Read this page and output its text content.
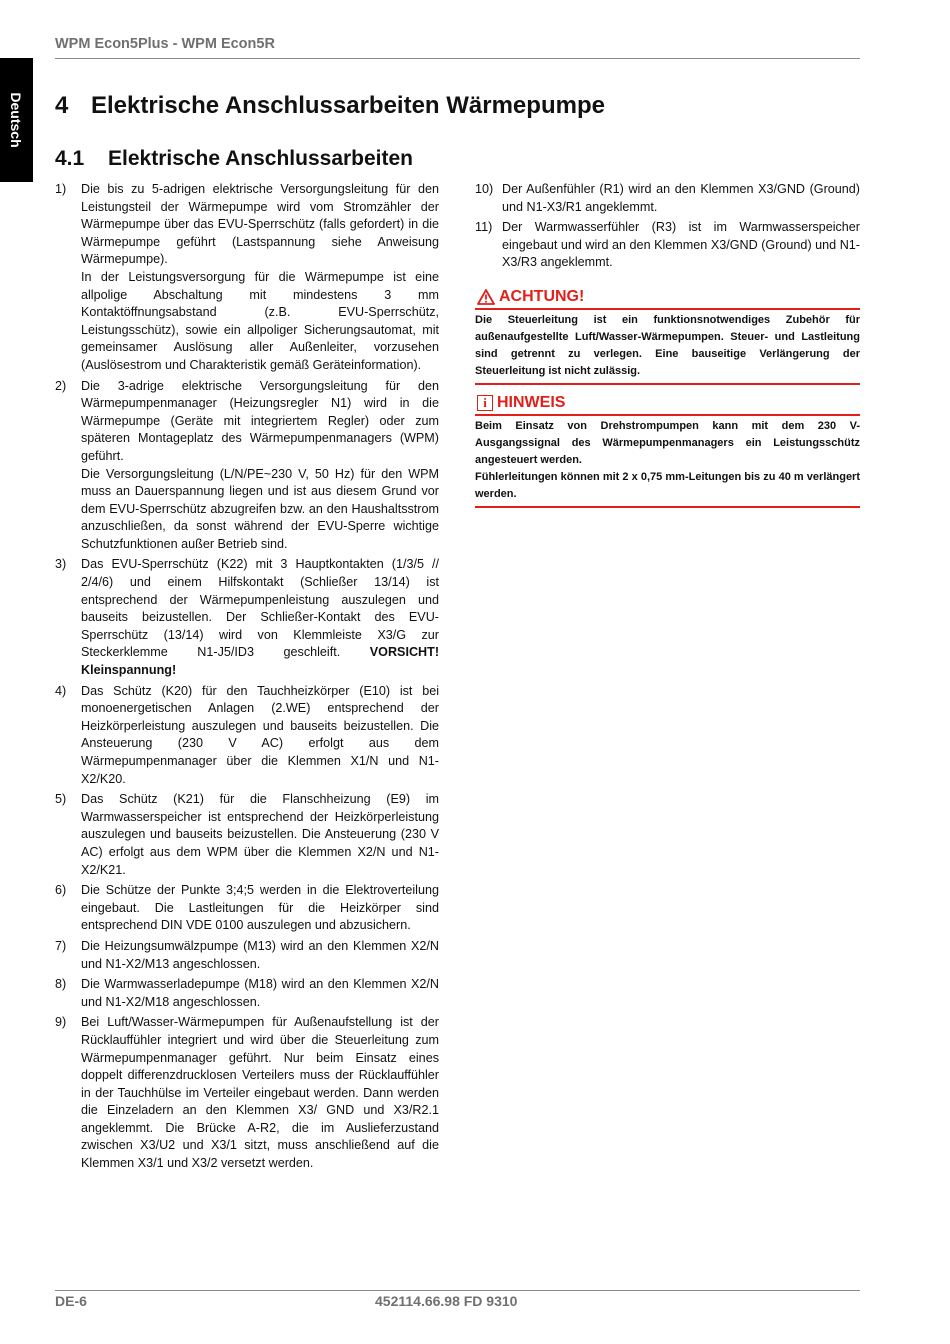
WPM Econ5Plus - WPM Econ5R
Deutsch 4 Elektrische Anschlussarbeiten Wärmepumpe
4.1 Elektrische Anschlussarbeiten
1)	Die bis zu 5-adrigen elektrische Versorgungsleitung für den Leistungsteil der Wärmepumpe wird vom Stromzähler der Wärmepumpe über das EVU-Sperrschütz (falls gefordert) in die Wärmepumpe geführt (Lastspannung siehe Anweisung Wärmepumpe).

In der Leistungsversorgung für die Wärmepumpe ist eine allpolige Abschaltung mit mindestens 3 mm Kontaktöffnungsabstand (z.B. EVU-Sperrschütz, Leistungsschütz), sowie ein allpoliger Sicherungsautomat, mit gemeinsamer Auslösung aller Außenleiter, vorzusehen (Auslösestrom und Charakteristik gemäß Geräteinformation).

2)	Die 3-adrige elektrische Versorgungsleitung für den Wärmepumpenmanager (Heizungsregler N1) wird in die Wärmepumpe (Geräte mit integriertem Regler) oder zum späteren Montageplatz des Wärmepumpenmanagers (WPM) geführt.

Die Versorgungsleitung (L/N/PE~230 V, 50 Hz) für den WPM muss an Dauerspannung liegen und ist aus diesem Grund vor dem EVU-Sperrschütz abzugreifen bzw. an den Haushaltsstrom anzuschließen, da sonst während der EVU-Sperre wichtige Schutzfunktionen außer Betrieb sind.

3)	Das EVU-Sperrschütz (K22) mit 3 Hauptkontakten (1/3/5 // 2/4/6) und einem Hilfskontakt (Schließer 13/14) ist entsprechend der Wärmepumpenleistung auszulegen und bauseits beizustellen. Der Schließer-Kontakt des EVU-Sperrschütz (13/14) wird von Klemmleiste X3/G zur Steckerklemme N1-J5/ID3 geschleift. VORSICHT! Kleinspannung!

4)	Das Schütz (K20) für den Tauchheizkörper (E10) ist bei monoenergetischen Anlagen (2.WE) entsprechend der Heizkörperleistung auszulegen und bauseits beizustellen. Die Ansteuerung (230 V AC) erfolgt aus dem Wärmepumpenmanager über die Klemmen X1/N und N1-X2/K20.

5)	Das Schütz (K21) für die Flanschheizung (E9) im Warmwasserspeicher ist entsprechend der Heizkörperleistung auszulegen und bauseits beizustellen. Die Ansteuerung (230 V AC) erfolgt aus dem WPM über die Klemmen X2/N und N1-X2/K21.

6)	Die Schütze der Punkte 3;4;5 werden in die Elektroverteilung eingebaut. Die Lastleitungen für die Heizkörper sind entsprechend DIN VDE 0100 auszulegen und abzusichern.

7)	Die Heizungsumwälzpumpe (M13) wird an den Klemmen X2/N und N1-X2/M13 angeschlossen.

8)	Die Warmwasserladepumpe (M18) wird an den Klemmen X2/N und N1-X2/M18 angeschlossen.

9)	Bei Luft/Wasser-Wärmepumpen für Außenaufstellung ist der Rücklauffühler integriert und wird über die Steuerleitung zum Wärmepumpenmanager geführt. Nur beim Einsatz eines doppelt differenzdrucklosen Verteilers muss der Rücklauffühler in der Tauchhülse im Verteiler eingebaut werden. Dann werden die Einzeladern an den Klemmen X3/ GND und X3/R2.1 angeklemmt. Die Brücke A-R2, die im Auslieferzustand zwischen X3/U2 und X3/1 sitzt, muss anschließend auf die Klemmen X3/1 und X3/2 versetzt werden.

10) Der Außenfühler (R1) wird an den Klemmen X3/GND (Ground) und N1-X3/R1 angeklemmt.
11) Der Warmwasserfühler (R3) ist im Warmwasserspeicher eingebaut und wird an den Klemmen X3/GND (Ground) und N1-X3/R3 angeklemmt.
ACHTUNG!
Die Steuerleitung ist ein funktionsnotwendiges Zubehör für außenaufgestellte Luft/Wasser-Wärmepumpen. Steuer- und Lastleitung sind getrennt zu verlegen. Eine bauseitige Verlängerung der Steuerleitung ist nicht zulässig.
i HINWEIS

Beim Einsatz von Drehstrompumpen kann mit dem 230 V-Ausgangssignal des Wärmepumpenmanagers ein Leistungsschütz angesteuert werden.

Fühlerleitungen können mit 2 x 0,75 mm-Leitungen bis zu 40 m verlängert werden.

DE-6	452114.66.98 FD 9310
